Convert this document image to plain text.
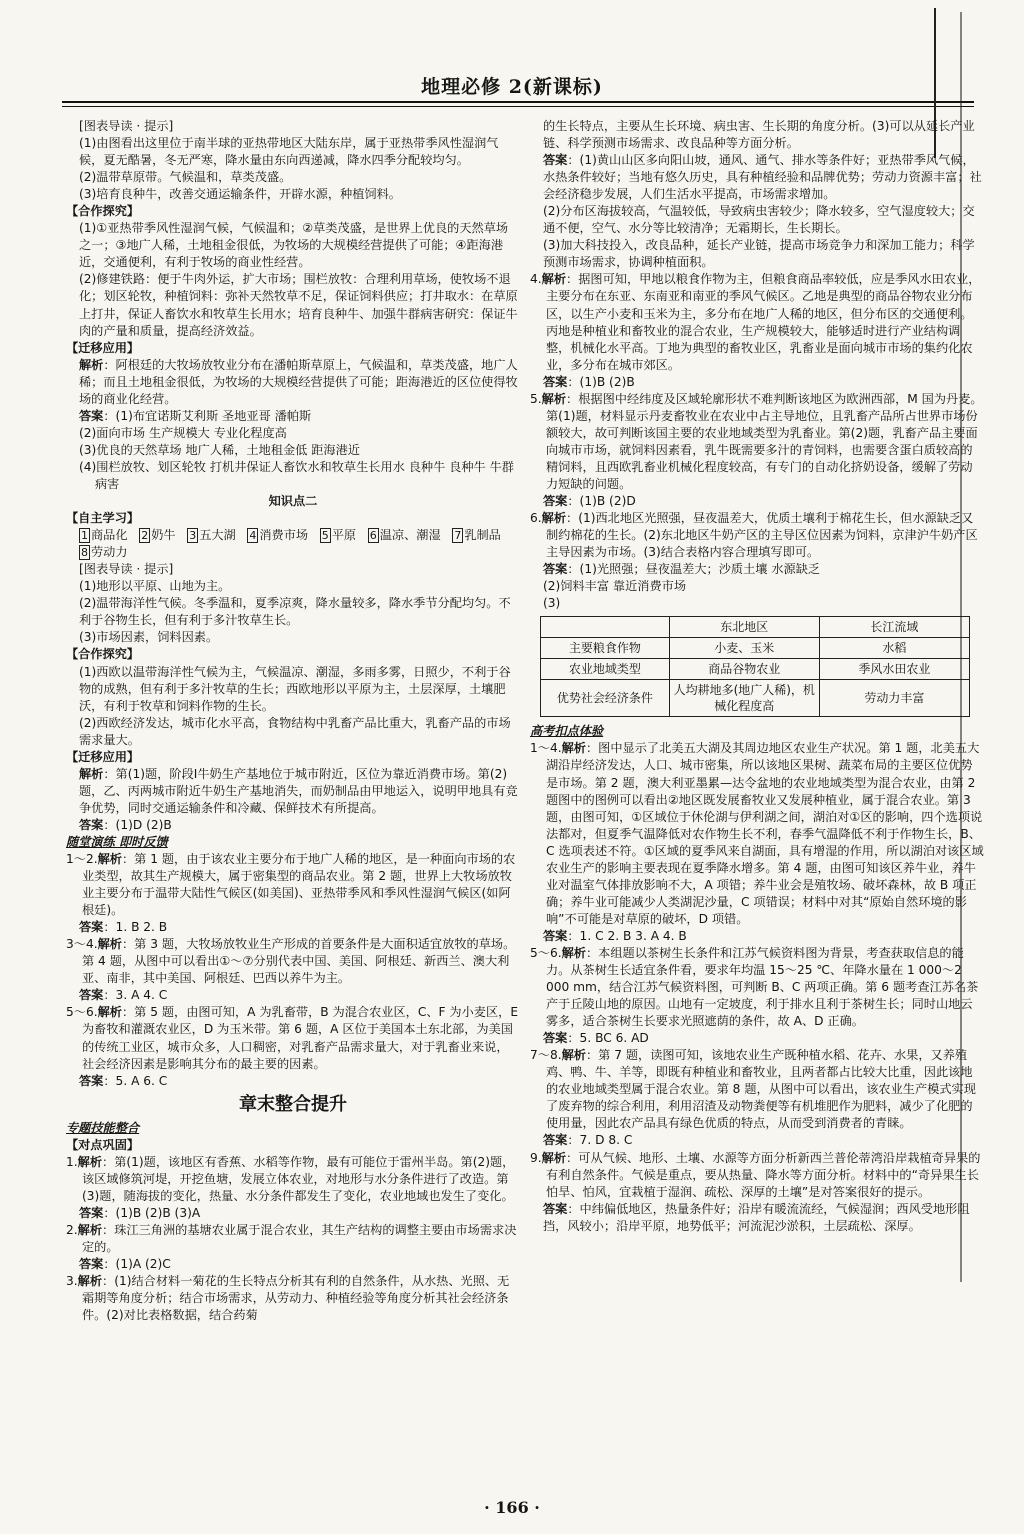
地理必修 2(新课标)

[图表导读 · 提示]

(1)由图看出这里位于南半球的亚热带地区大陆东岸，属于亚热带季风性湿润气候，夏无酷暑，冬无严寒，降水量由东向西递减，降水四季分配较均匀。

(2)温带草原带。气候温和，草类茂盛。

(3)培育良种牛，改善交通运输条件，开辟水源，种植饲料。

【合作探究】

(1)①亚热带季风性湿润气候，气候温和；②草类茂盛，是世界上优良的天然草场之一；③地广人稀，土地租金很低，为牧场的大规模经营提供了可能；④距海港近，交通便利，有利于牧场的商业性经营。

(2)修建铁路：便于牛肉外运，扩大市场；围栏放牧：合理利用草场，使牧场不退化；划区轮牧，种植饲料：弥补天然牧草不足，保证饲料供应；打井取水：在草原上打井，保证人畜饮水和牧草生长用水；培育良种牛、加强牛群病害研究：保证牛肉的产量和质量，提高经济效益。

【迁移应用】

解析：阿根廷的大牧场放牧业分布在潘帕斯草原上，气候温和，草类茂盛，地广人稀；而且土地租金很低，为牧场的大规模经营提供了可能；距海港近的区位使得牧场的商业化经营。

答案：(1)布宜诺斯艾利斯 圣地亚哥 潘帕斯

(2)面向市场 生产规模大 专业化程度高

(3)优良的天然草场 地广人稀，土地租金低 距海港近

(4)围栏放牧、划区轮牧 打机井保证人畜饮水和牧草生长用水 良种牛 良种牛 牛群病害

知识点二

【自主学习】

1 商品化 2 奶牛 3 五大湖 4 消费市场 5 平原 6 温凉、潮湿 7 乳制品   8 劳动力

[图表导读 · 提示]

(1)地形以平原、山地为主。

(2)温带海洋性气候。冬季温和，夏季凉爽，降水量较多，降水季节分配均匀。不利于谷物生长，但有利于多汁牧草生长。

(3)市场因素，饲料因素。

【合作探究】

(1)西欧以温带海洋性气候为主，气候温凉、潮湿，多雨多雾，日照少，不利于谷物的成熟，但有利于多汁牧草的生长；西欧地形以平原为主，土层深厚，土壤肥沃，有利于牧草和饲料作物的生长。

(2)西欧经济发达，城市化水平高，食物结构中乳畜产品比重大，乳畜产品的市场需求量大。

【迁移应用】

解析：第(1)题，阶段Ⅰ牛奶生产基地位于城市附近，区位为靠近消费市场。第(2)题，乙、丙两城市附近牛奶生产基地消失，而奶制品由甲地运入，说明甲地具有竞争优势，同时交通运输条件和冷藏、保鲜技术有所提高。

答案：(1)D (2)B

随堂演练 即时反馈

1～2.解析：第 1 题，由于该农业主要分布于地广人稀的地区，是一种面向市场的农业类型，故其生产规模大，属于密集型的商品农业。第 2 题，世界上大牧场放牧业主要分布于温带大陆性气候区(如美国)、亚热带季风和季风性湿润气候区(如阿根廷)。

答案：1. B 2. B

3～4.解析：第 3 题，大牧场放牧业生产形成的首要条件是大面积适宜放牧的草场。第 4 题，从图中可以看出①～⑦分别代表中国、美国、阿根廷、新西兰、澳大利亚、南非，其中美国、阿根廷、巴西以养牛为主。

答案：3. A 4. C

5～6.解析：第 5 题，由图可知，A 为乳畜带，B 为混合农业区，C、F 为小麦区，E 为畜牧和灌溉农业区，D 为玉米带。第 6 题，A 区位于美国本土东北部，为美国的传统工业区，城市众多，人口稠密，对乳畜产品需求量大，对于乳畜业来说，社会经济因素是影响其分布的最主要的因素。

答案：5. A 6. C

章末整合提升

专题技能整合

【对点巩固】

1.解析：第(1)题，该地区有香蕉、水稻等作物，最有可能位于雷州半岛。第(2)题，该区域修筑河堤，开挖鱼塘，发展立体农业，对地形与水分条件进行了改造。第(3)题，随海拔的变化，热量、水分条件都发生了变化，农业地域也发生了变化。

答案：(1)B (2)B (3)A

2.解析：珠江三角洲的基塘农业属于混合农业，其生产结构的调整主要由市场需求决定的。

答案：(1)A (2)C

3.解析：(1)结合材料一菊花的生长特点分析其有利的自然条件，从水热、光照、无霜期等角度分析；结合市场需求，从劳动力、种植经验等角度分析其社会经济条件。(2)对比表格数据，结合药菊

的生长特点，主要从生长环境、病虫害、生长期的角度分析。(3)可以从延长产业链、科学预测市场需求、改良品种等方面分析。

答案：(1)黄山山区多向阳山坡，通风、通气、排水等条件好；亚热带季风气候，水热条件较好；当地有悠久历史，具有种植经验和品牌优势；劳动力资源丰富；社会经济稳步发展，人们生活水平提高，市场需求增加。

(2)分布区海拔较高，气温较低，导致病虫害较少；降水较多，空气湿度较大；交通不便，空气、水分等比较清净；无霜期长，生长期长。

(3)加大科技投入，改良品种，延长产业链，提高市场竞争力和深加工能力；科学预测市场需求，协调种植面积。

4.解析：据图可知，甲地以粮食作物为主，但粮食商品率较低，应是季风水田农业，主要分布在东亚、东南亚和南亚的季风气候区。乙地是典型的商品谷物农业分布区，以生产小麦和玉米为主，多分布在地广人稀的地区，但分布区的交通便利。丙地是种植业和畜牧业的混合农业，生产规模较大，能够适时进行产业结构调整，机械化水平高。丁地为典型的畜牧业区，乳畜业是面向城市市场的集约化农业，多分布在城市郊区。

答案：(1)B (2)B

5.解析：根据图中经纬度及区域轮廓形状不难判断该地区为欧洲西部，M 国为丹麦。第(1)题，材料显示丹麦畜牧业在农业中占主导地位，且乳畜产品所占世界市场份额较大，故可判断该国主要的农业地域类型为乳畜业。第(2)题，乳畜产品主要面向城市市场，就饲料因素看，乳牛既需要多汁的青饲料，也需要含蛋白质较高的精饲料，且西欧乳畜业机械化程度较高，有专门的自动化挤奶设备，缓解了劳动力短缺的问题。

答案：(1)B (2)D

6.解析：(1)西北地区光照强，昼夜温差大，优质土壤利于棉花生长，但水源缺乏又制约棉花的生长。(2)东北地区牛奶产区的主导区位因素为饲料，京津沪牛奶产区主导因素为市场。(3)结合表格内容合理填写即可。

答案：(1)光照强；昼夜温差大；沙质土壤 水源缺乏

(2)饲料丰富 靠近消费市场

(3)

	东北地区	长江流域
主要粮食作物	小麦、玉米	水稻
农业地域类型	商品谷物农业	季风水田农业
优势社会经济条件	人均耕地多(地广人稀)，机械化程度高	劳动力丰富

高考扣点体验

1～4.解析：图中显示了北美五大湖及其周边地区农业生产状况。第 1 题，北美五大湖沿岸经济发达，人口、城市密集，所以该地区果树、蔬菜布局的主要区位优势是市场。第 2 题，澳大利亚墨累—达令盆地的农业地域类型为混合农业，由第 2 题图中的图例可以看出②地区既发展畜牧业又发展种植业，属于混合农业。第 3 题，由图可知，①区域位于休伦湖与伊利湖之间，湖泊对①区的影响，四个选项说法都对，但夏季气温降低对农作物生长不利，春季气温降低不利于作物生长，B、C 选项表述不符。①区域的夏季风来自湖面，具有增湿的作用，所以湖泊对该区域农业生产的影响主要表现在夏季降水增多。第 4 题，由图可知该区养牛业，养牛业对温室气体排放影响不大，A 项错；养牛业会是殖牧场、破坏森林，故 B 项正确；养牛业可能减少人类湖泥沙量，C 项错误；材料中对其“原始自然环境的影响”不可能是对草原的破坏，D 项错。

答案：1. C 2. B 3. A 4. B

5～6.解析：本组题以茶树生长条件和江苏气候资料图为背景，考查获取信息的能力。从茶树生长适宜条件看，要求年均温 15～25 ℃、年降水量在 1 000～2 000 mm，结合江苏气候资料图，可判断 B、C 两项正确。第 6 题考查江苏名茶产于丘陵山地的原因。山地有一定坡度，利于排水且利于茶树生长；同时山地云雾多，适合茶树生长要求光照遮荫的条件，故 A、D 正确。

答案：5. BC 6. AD

7～8.解析：第 7 题，读图可知，该地农业生产既种植水稻、花卉、水果，又养殖鸡、鸭、牛、羊等，即既有种植业和畜牧业，且两者都占比较大比重，因此该地的农业地域类型属于混合农业。第 8 题，从图中可以看出，该农业生产模式实现了废弃物的综合利用，利用沼渣及动物粪便等有机堆肥作为肥料，减少了化肥的使用量，因此农产品具有绿色优质的特点，从而受到消费者的青睐。

答案：7. D 8. C

9.解析：可从气候、地形、土壤、水源等方面分析新西兰普伦蒂湾沿岸栽植奇异果的有利自然条件。气候是重点，要从热量、降水等方面分析。材料中的“奇异果生长怕旱、怕风，宜栽植于湿润、疏松、深厚的土壤”是对答案很好的提示。

答案：中纬偏低地区，热量条件好；沿岸有暖流流经，气候湿润；西风受地形阻挡，风较小；沿岸平原，地势低平；河流泥沙淤积，土层疏松、深厚。

· 166 ·
